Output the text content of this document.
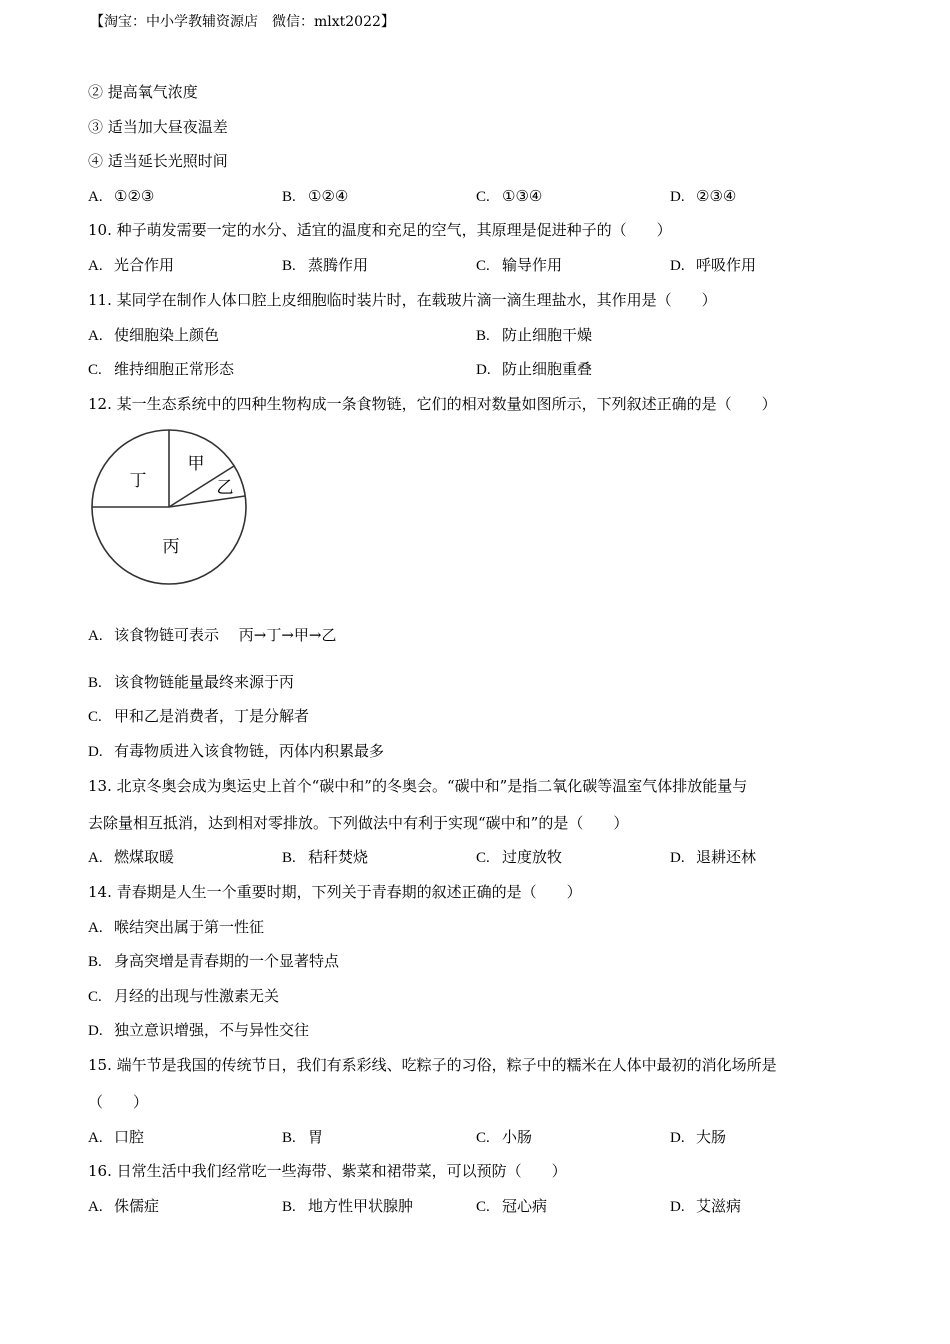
【淘宝：中小学教辅资源店　微信：mlxt2022】
② 提高氧气浓度
③ 适当加大昼夜温差
④ 适当延长光照时间
A. ①②③	B. ①②④	C. ①③④	D. ②③④
10. 种子萌发需要一定的水分、适宜的温度和充足的空气，其原理是促进种子的（　　）
A. 光合作用	B. 蒸腾作用	C. 输导作用	D. 呼吸作用
11. 某同学在制作人体口腔上皮细胞临时装片时，在载玻片滴一滴生理盐水，其作用是（　　）
A. 使细胞染上颜色	B. 防止细胞干燥
C. 维持细胞正常形态	D. 防止细胞重叠
12. 某一生态系统中的四种生物构成一条食物链，它们的相对数量如图所示，下列叙述正确的是（　　）
丁
甲
乙
丙
A. 该食物链可表示　 丙→丁→甲→乙
B. 该食物链能量最终来源于丙
C. 甲和乙是消费者，丁是分解者
D. 有毒物质进入该食物链，丙体内积累最多
13. 北京冬奥会成为奥运史上首个“碳中和”的冬奥会。“碳中和”是指二氧化碳等温室气体排放能量与
去除量相互抵消，达到相对零排放。下列做法中有利于实现“碳中和”的是（　　）
A. 燃煤取暖	B. 秸秆焚烧	C. 过度放牧	D. 退耕还林
14. 青春期是人生一个重要时期，下列关于青春期的叙述正确的是（　　）
A. 喉结突出属于第一性征
B. 身高突增是青春期的一个显著特点
C. 月经的出现与性激素无关
D. 独立意识增强，不与异性交往
15. 端午节是我国的传统节日，我们有系彩线、吃粽子的习俗，粽子中的糯米在人体中最初的消化场所是
（　　）
A. 口腔	B. 胃	C. 小肠	D. 大肠
16. 日常生活中我们经常吃一些海带、紫菜和裙带菜，可以预防（　　）
A. 侏儒症	B. 地方性甲状腺肿	C. 冠心病	D. 艾滋病
